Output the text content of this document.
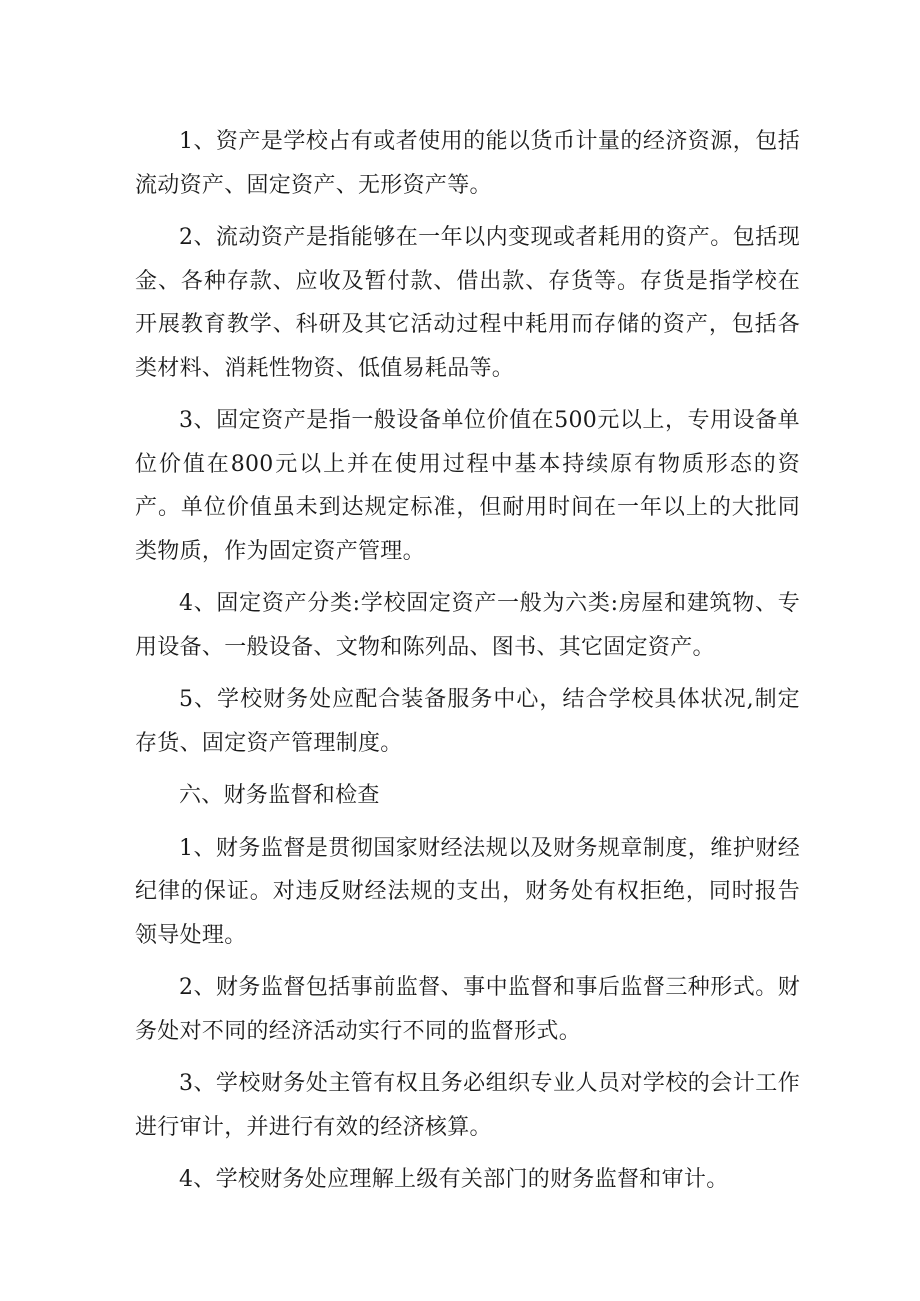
1、资产是学校占有或者使用的能以货币计量的经济资源，包括流动资产、固定资产、无形资产等。

2、流动资产是指能够在一年以内变现或者耗用的资产。包括现金、各种存款、应收及暂付款、借出款、存货等。存货是指学校在开展教育教学、科研及其它活动过程中耗用而存储的资产，包括各类材料、消耗性物资、低值易耗品等。

3、固定资产是指一般设备单位价值在500元以上，专用设备单位价值在800元以上并在使用过程中基本持续原有物质形态的资产。单位价值虽未到达规定标准，但耐用时间在一年以上的大批同类物质，作为固定资产管理。

4、固定资产分类:学校固定资产一般为六类:房屋和建筑物、专用设备、一般设备、文物和陈列品、图书、其它固定资产。

5、学校财务处应配合装备服务中心，结合学校具体状况,制定存货、固定资产管理制度。

六、财务监督和检查

1、财务监督是贯彻国家财经法规以及财务规章制度，维护财经纪律的保证。对违反财经法规的支出，财务处有权拒绝，同时报告领导处理。

2、财务监督包括事前监督、事中监督和事后监督三种形式。财务处对不同的经济活动实行不同的监督形式。

3、学校财务处主管有权且务必组织专业人员对学校的会计工作进行审计，并进行有效的经济核算。

4、学校财务处应理解上级有关部门的财务监督和审计。
